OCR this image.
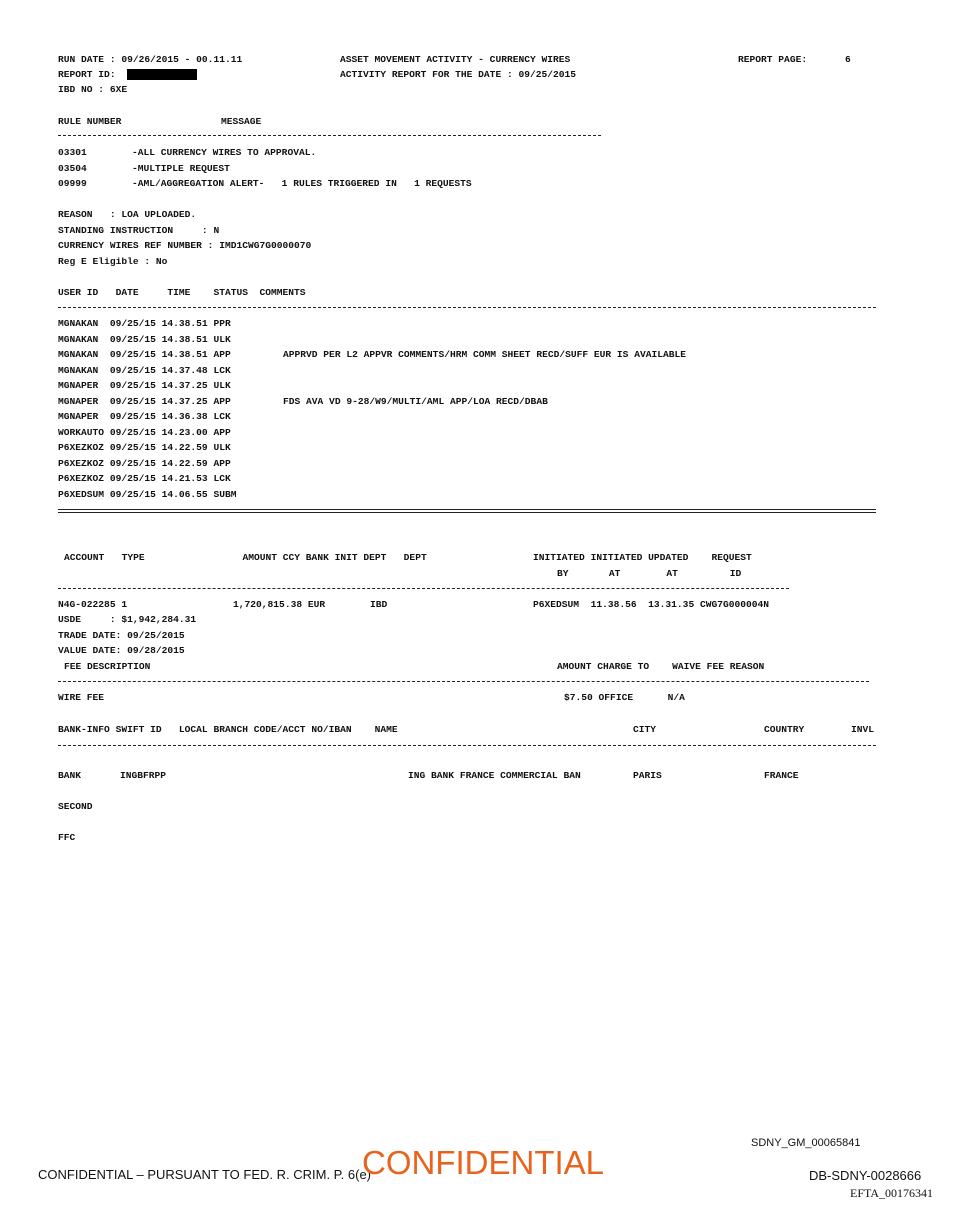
RUN DATE : 09/26/2015 - 00.11.11	ASSET MOVEMENT ACTIVITY - CURRENCY WIRES	REPORT PAGE:	6
REPORT ID:	ACTIVITY REPORT FOR THE DATE : 09/25/2015
IBD NO : 6XE
RULE NUMBER	MESSAGE
03301	-ALL CURRENCY WIRES TO APPROVAL.
03504	-MULTIPLE REQUEST
09999	-AML/AGGREGATION ALERT-   1 RULES TRIGGERED IN   1 REQUESTS
REASON   : LOA UPLOADED.
STANDING INSTRUCTION     : N
CURRENCY WIRES REF NUMBER : IMD1CWG7G0000070
Reg E Eligible : No
USER ID   DATE     TIME    STATUS  COMMENTS
MGNAKAN  09/25/15 14.38.51 PPR
MGNAKAN  09/25/15 14.38.51 ULK
MGNAKAN  09/25/15 14.38.51 APP	APPRVD PER L2 APPVR COMMENTS/HRM COMM SHEET RECD/SUFF EUR IS AVAILABLE
MGNAKAN  09/25/15 14.37.48 LCK
MGNAPER  09/25/15 14.37.25 ULK
MGNAPER  09/25/15 14.37.25 APP	FDS AVA VD 9-28/W9/MULTI/AML APP/LOA RECD/DBAB
MGNAPER  09/25/15 14.36.38 LCK
WORKAUTO 09/25/15 14.23.00 APP
P6XEZKOZ 09/25/15 14.22.59 ULK
P6XEZKOZ 09/25/15 14.22.59 APP
P6XEZKOZ 09/25/15 14.21.53 LCK
P6XEDSUM 09/25/15 14.06.55 SUBM
ACCOUNT   TYPE                 AMOUNT CCY BANK INIT DEPT   DEPT	INITIATED INITIATED UPDATED    REQUEST
BY       AT        AT         ID
N4G-022285 1	1,720,815.38 EUR	IBD	P6XEDSUM  11.38.56  13.31.35 CWG7G000004N
USDE     : $1,942,284.31
TRADE DATE: 09/25/2015
VALUE DATE: 09/28/2015
FEE DESCRIPTION	AMOUNT CHARGE TO    WAIVE FEE REASON
WIRE FEE	$7.50 OFFICE      N/A
BANK-INFO SWIFT ID   LOCAL BRANCH CODE/ACCT NO/IBAN    NAME	CITY	COUNTRY	INVL
BANK	INGBFRPP	ING BANK FRANCE COMMERCIAL BAN	PARIS	FRANCE
SECOND
FFC
SDNY_GM_00065841
CONFIDENTIAL – PURSUANT TO FED. R. CRIM. P. 6(e)
CONFIDENTIAL	DB-SDNY-0028666
EFTA_00176341
